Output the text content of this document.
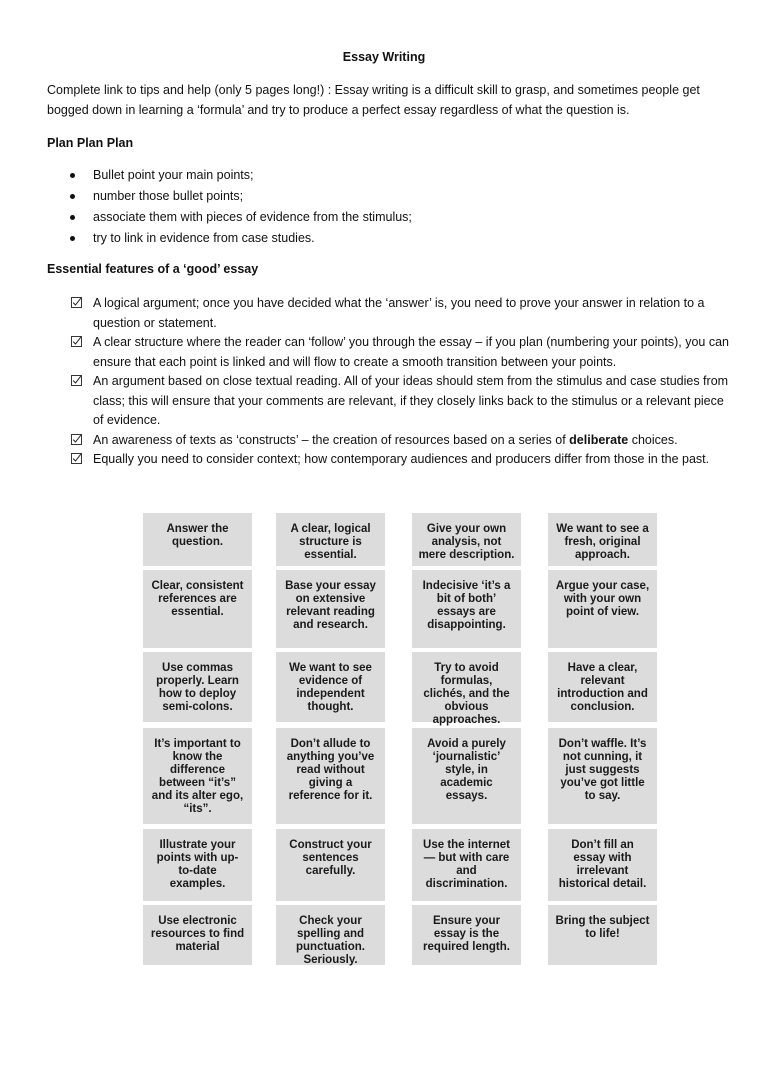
Essay Writing
Complete link to tips and help (only 5 pages long!) : Essay writing is a difficult skill to grasp, and sometimes people get bogged down in learning a ‘formula’ and try to produce a perfect essay regardless of what the question is.
Plan Plan Plan
Bullet point your main points;
number those bullet points;
associate them with pieces of evidence from the stimulus;
try to link in evidence from case studies.
Essential features of a ‘good’ essay
A logical argument; once you have decided what the ‘answer’ is, you need to prove your answer in relation to a question or statement.
A clear structure where the reader can ‘follow’ you through the essay – if you plan (numbering your points), you can ensure that each point is linked and will flow to create a smooth transition between your points.
An argument based on close textual reading. All of your ideas should stem from the stimulus and case studies from class; this will ensure that your comments are relevant, if they closely links back to the stimulus or a relevant piece of evidence.
An awareness of texts as ‘constructs’ – the creation of resources based on a series of deliberate choices.
Equally you need to consider context; how contemporary audiences and producers differ from those in the past.
Answer the question.
A clear, logical structure is essential.
Give your own analysis, not mere description.
We want to see a fresh, original approach.
Clear, consistent references are essential.
Base your essay on extensive relevant reading and research.
Indecisive ‘it’s a bit of both’ essays are disappointing.
Argue your case, with your own point of view.
Use commas properly. Learn how to deploy semi-colons.
We want to see evidence of independent thought.
Try to avoid formulas, clichés, and the obvious approaches.
Have a clear, relevant introduction and conclusion.
It’s important to know the difference between “it’s” and its alter ego, “its”.
Don’t allude to anything you’ve read without giving a reference for it.
Avoid a purely ‘journalistic’ style, in academic essays.
Don’t waffle. It’s not cunning, it just suggests you’ve got little to say.
Illustrate your points with up-to-date examples.
Construct your sentences carefully.
Use the internet — but with care and discrimination.
Don’t fill an essay with irrelevant historical detail.
Use electronic resources to find material
Check your spelling and punctuation. Seriously.
Ensure your essay is the required length.
Bring the subject to life!
